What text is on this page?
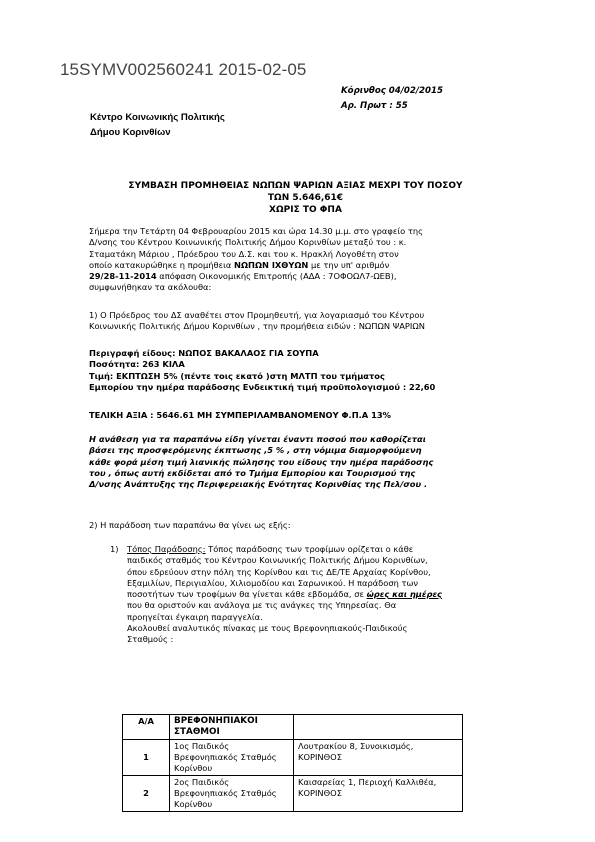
15SYMV002560241 2015-02-05
Κόρινθος 04/02/2015
Αρ. Πρωτ : 55
Κέντρο Κοινωνικής Πολιτικής
Δήμου Κορινθίων
ΣΥΜΒΑΣΗ ΠΡΟΜΗΘΕΙΑΣ ΝΩΠΩΝ ΨΑΡΙΩΝ ΑΞΙΑΣ ΜΕΧΡΙ ΤΟΥ ΠΟΣΟΥ
ΤΩΝ 5.646,61€
ΧΩΡΙΣ ΤΟ ΦΠΑ
Σήμερα την Τετάρτη 04 Φεβρουαρίου 2015 και ώρα 14.30 μ.μ. στο γραφείο της
Δ/νσης του Κέντρου Κοινωνικής Πολιτικής Δήμου Κορινθίων μεταξύ του : κ.
Σταματάκη Μάριου , Πρόεδρου του Δ.Σ. και του κ. Ηρακλή Λογοθέτη στον
οποίο κατακυρώθηκε η προμήθεια ΝΩΠΩΝ ΙΧΘΥΩΝ με την υπ' αριθμόν
29/28-11-2014 απόφαση Οικονομικής Επιτροπής (ΑΔΑ : 7ΟΦΟΩΛ7-ΩΕΒ),
συμφωνήθηκαν τα ακόλουθα:
1) Ο Πρόεδρος του ΔΣ αναθέτει στον Προμηθευτή, για λογαριασμό του Κέντρου
Κοινωνικής Πολιτικής Δήμου Κορινθίων , την προμήθεια ειδών : ΝΩΠΩΝ ΨΑΡΙΩΝ
Περιγραφή είδους: ΝΩΠΟΣ ΒΑΚΑΛΑΟΣ ΓΙΑ ΣΟΥΠΑ
Ποσότητα: 263 ΚΙΛΑ
Τιμή: ΕΚΠΤΩΣΗ 5% (πέντε τοις εκατό )στη ΜΛΤΠ του τμήματος
Εμπορίου την ημέρα παράδοσης Ενδεικτική τιμή προϋπολογισμού : 22,60
ΤΕΛΙΚΗ ΑΞΙΑ : 5646.61 ΜΗ ΣΥΜΠΕΡΙΛΑΜΒΑΝΟΜΕΝΟΥ Φ.Π.Α 13%
Η ανάθεση για τα παραπάνω είδη γίνεται έναντι ποσού που καθορίζεται
βάσει της προσφερόμενης έκπτωσης ,5 % , στη νόμιμα διαμορφούμενη
κάθε φορά μέση τιμή λιανικής πώλησης του είδους την ημέρα παράδοσης
του , όπως αυτή εκδίδεται από το Τμήμα Εμπορίου και Τουρισμού της
Δ/νσης Ανάπτυξης της Περιφερειακής Ενότητας Κορινθίας της Πελ/σου .
2) Η παράδοση των παραπάνω θα γίνει ως εξής:
1) Τόπος Παράδοσης: Τόπος παράδοσης των τροφίμων ορίζεται ο κάθε
παιδικός σταθμός του Κέντρου Κοινωνικής Πολιτικής Δήμου Κορινθίων,
όπου εδρεύουν στην πόλη της Κορίνθου και τις ΔΕ/ΤΕ Αρχαίας Κορίνθου,
Εξαμιλίων, Περιγιαλίου, Χιλιομοδίου και Σαρωνικού. Η παράδοση των
ποσοτήτων των τροφίμων θα γίνεται κάθε εβδομάδα, σε ώρες και ημέρες
που θα οριστούν και ανάλογα με τις ανάγκες της Υπηρεσίας. Θα
προηγείται έγκαιρη παραγγελία.
Ακολουθεί αναλυτικός πίνακας με τους Βρεφονηπιακούς-Παιδικούς
Σταθμούς :
Α/Α	ΒΡΕΦΟΝΗΠΙΑΚΟΙ ΣΤΑΘΜΟΙ	
1	1ος Παιδικός Βρεφονηπιακός Σταθμός Κορίνθου	Λουτρακίου 8, Συνοικισμός, ΚΟΡΙΝΘΟΣ
2	2ος Παιδικός Βρεφονηπιακός Σταθμός Κορίνθου	Καισαρείας 1, Περιοχή Καλλιθέα, ΚΟΡΙΝΘΟΣ
